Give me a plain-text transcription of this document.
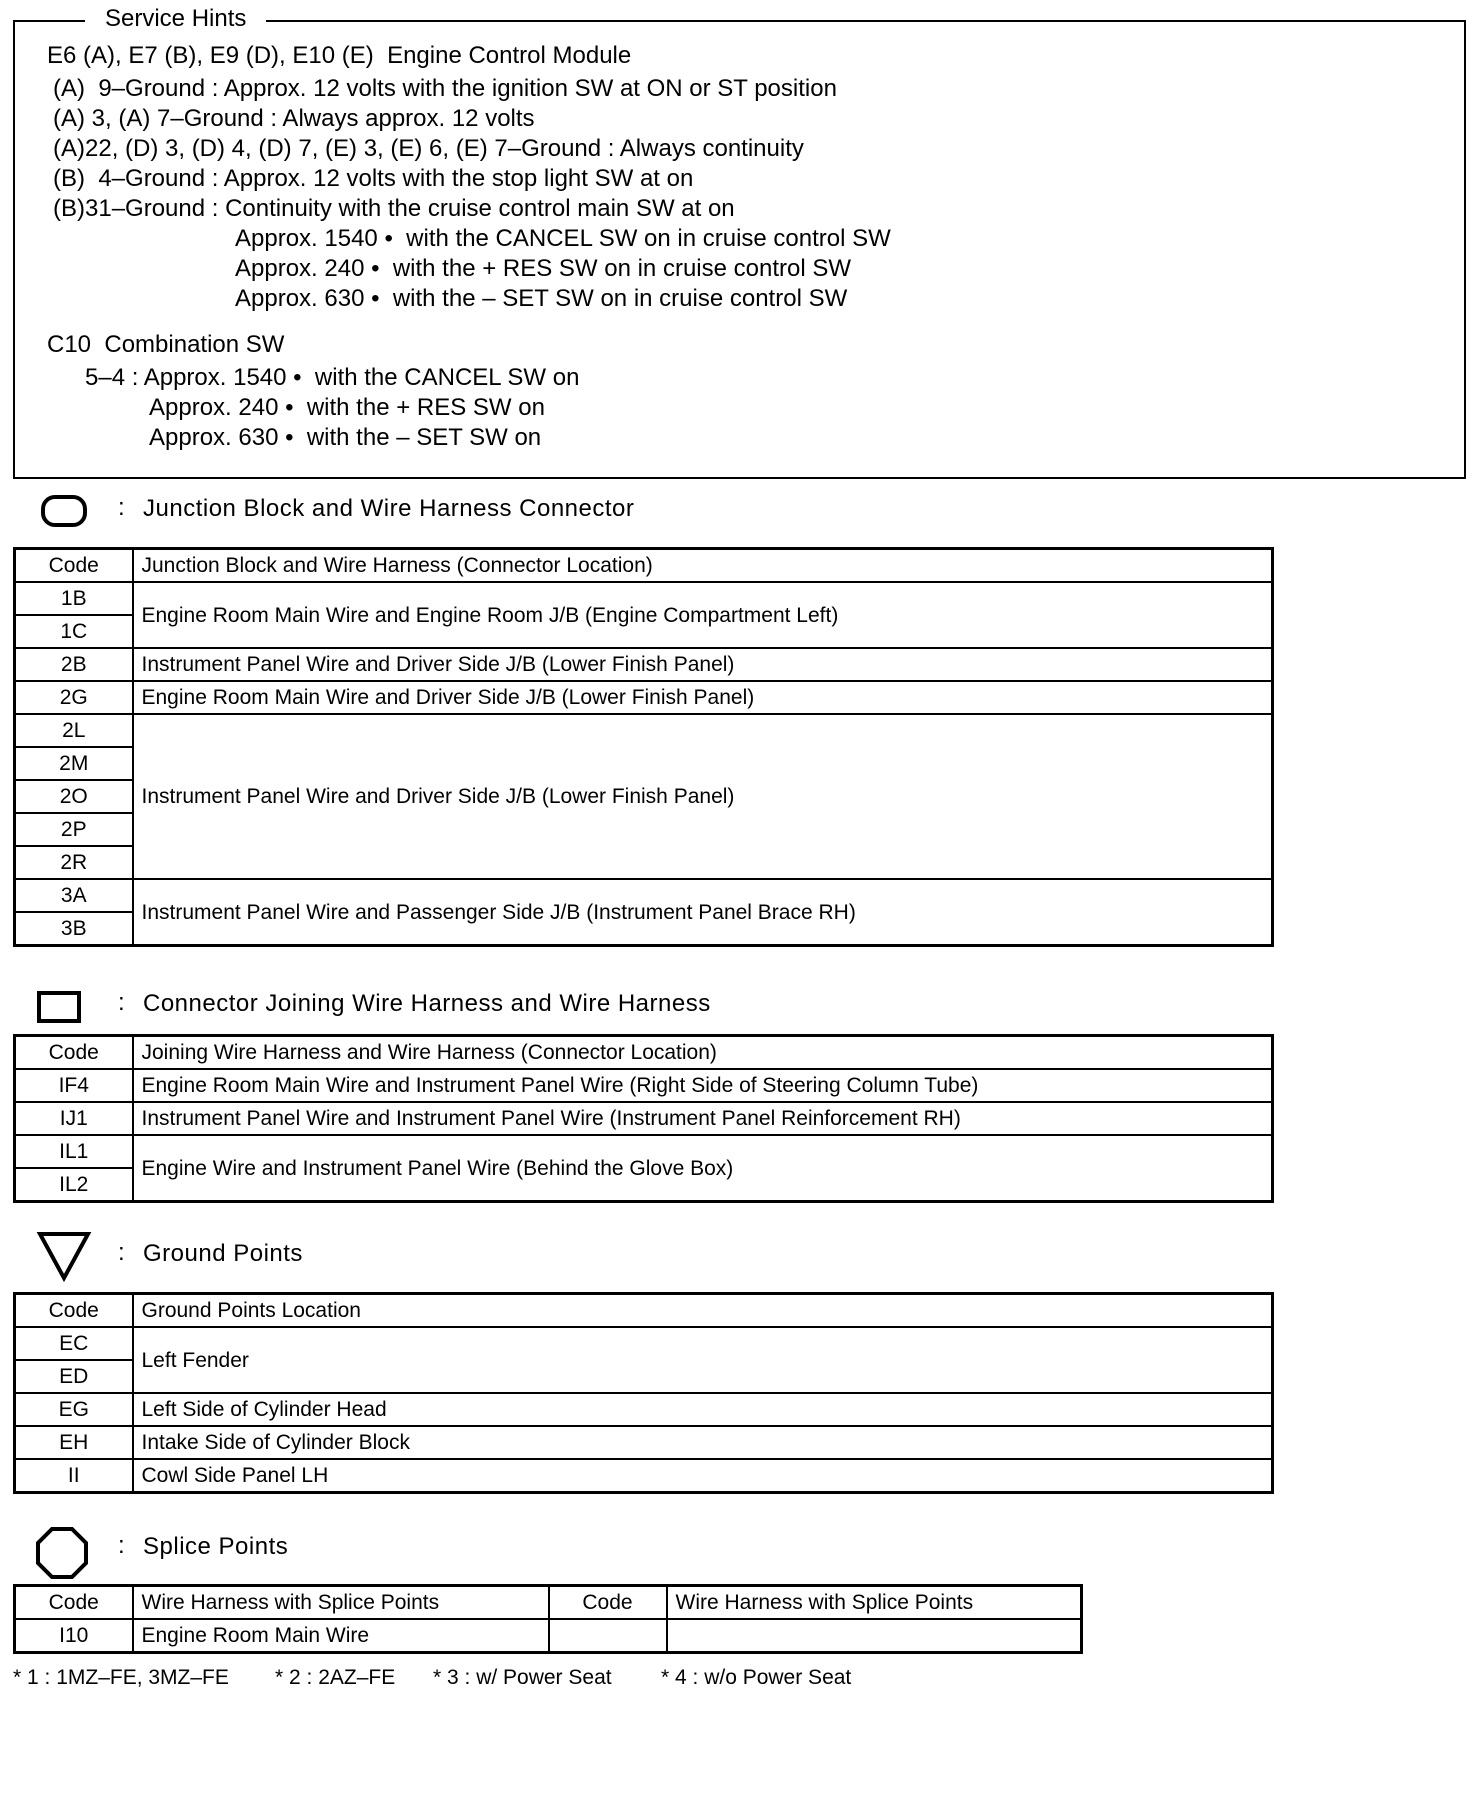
Service Hints
E6 (A), E7 (B), E9 (D), E10 (E)  Engine Control Module
(A)  9–Ground : Approx. 12 volts with the ignition SW at ON or ST position
(A) 3, (A) 7–Ground : Always approx. 12 volts
(A)22, (D) 3, (D) 4, (D) 7, (E) 3, (E) 6, (E) 7–Ground : Always continuity
(B)  4–Ground : Approx. 12 volts with the stop light SW at on
(B)31–Ground : Continuity with the cruise control main SW at on
Approx. 1540 •  with the CANCEL SW on in cruise control SW
Approx. 240 •  with the + RES SW on in cruise control SW
Approx. 630 •  with the – SET SW on in cruise control SW
C10  Combination SW
5–4 : Approx. 1540 •  with the CANCEL SW on
Approx. 240 •  with the + RES SW on
Approx. 630 •  with the – SET SW on
: Junction Block and Wire Harness Connector
Code	Junction Block and Wire Harness (Connector Location)
1B	Engine Room Main Wire and Engine Room J/B (Engine Compartment Left)
1C	
2B	Instrument Panel Wire and Driver Side J/B (Lower Finish Panel)
2G	Engine Room Main Wire and Driver Side J/B (Lower Finish Panel)
2L	Instrument Panel Wire and Driver Side J/B (Lower Finish Panel)
2M	
2O	
2P	
2R	
3A	Instrument Panel Wire and Passenger Side J/B (Instrument Panel Brace RH)
3B	
: Connector Joining Wire Harness and Wire Harness
Code	Joining Wire Harness and Wire Harness (Connector Location)
IF4	Engine Room Main Wire and Instrument Panel Wire (Right Side of Steering Column Tube)
IJ1	Instrument Panel Wire and Instrument Panel Wire (Instrument Panel Reinforcement RH)
IL1	Engine Wire and Instrument Panel Wire (Behind the Glove Box)
IL2	
: Ground Points
Code	Ground Points Location
EC	Left Fender
ED	
EG	Left Side of Cylinder Head
EH	Intake Side of Cylinder Block
II	Cowl Side Panel LH
: Splice Points
Code	Wire Harness with Splice Points	Code	Wire Harness with Splice Points
I10	Engine Room Main Wire		

* 1 : 1MZ–FE, 3MZ–FE

* 2 : 2AZ–FE

* 3 : w/ Power Seat

* 4 : w/o Power Seat
